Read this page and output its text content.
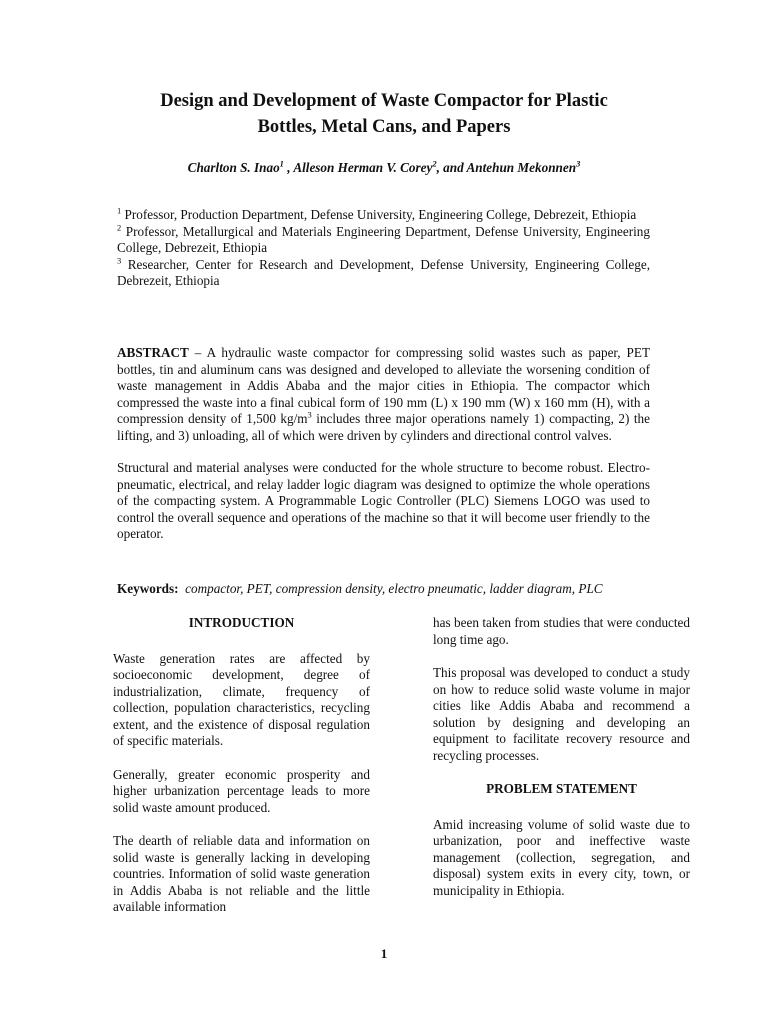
Design and Development of Waste Compactor for Plastic
Bottles, Metal Cans, and Papers
Charlton S. Inao$^1$ , Alleson Herman V. Corey$^2$, and Antehun Mekonnen$^3$

$^1$ Professor, Production Department, Defense University, Engineering College, Debrezeit, Ethiopia

$^2$ Professor, Metallurgical and Materials Engineering Department, Defense University, Engineering College, Debrezeit, Ethiopia

$^3$ Researcher, Center for Research and Development, Defense University, Engineering College, Debrezeit, Ethiopia

ABSTRACT – A hydraulic waste compactor for compressing solid wastes such as paper, PET bottles, tin and aluminum cans was designed and developed to alleviate the worsening condition of waste management in Addis Ababa and the major cities in Ethiopia. The compactor which compressed the waste into a final cubical form of 190 mm (L) x 190 mm (W) x 160 mm (H), with a compression density of 1,500 $kg/m^3$ includes three major operations namely 1) compacting, 2) the lifting, and 3) unloading, all of which were driven by cylinders and directional control valves.

Structural and material analyses were conducted for the whole structure to become robust. Electro-pneumatic, electrical, and relay ladder logic diagram was designed to optimize the whole operations of the compacting system. A Programmable Logic Controller (PLC) Siemens LOGO was used to control the overall sequence and operations of the machine so that it will become user friendly to the operator.

Keywords: compactor, PET, compression density, electro pneumatic, ladder diagram, PLC
INTRODUCTION

Waste generation rates are affected by socioeconomic development, degree of industrialization, climate, frequency of collection, population characteristics, recycling extent, and the existence of disposal regulation of specific materials.

Generally, greater economic prosperity and higher urbanization percentage leads to more solid waste amount produced.

The dearth of reliable data and information on solid waste is generally lacking in developing countries. Information of solid waste generation in Addis Ababa is not reliable and the little available information

has been taken from studies that were conducted long time ago.

This proposal was developed to conduct a study on how to reduce solid waste volume in major cities like Addis Ababa and recommend a solution by designing and developing an equipment to facilitate recovery resource and recycling processes.

PROBLEM STATEMENT

Amid increasing volume of solid waste due to urbanization, poor and ineffective waste management (collection, segregation, and disposal) system exits in every city, town, or municipality in Ethiopia.

1
